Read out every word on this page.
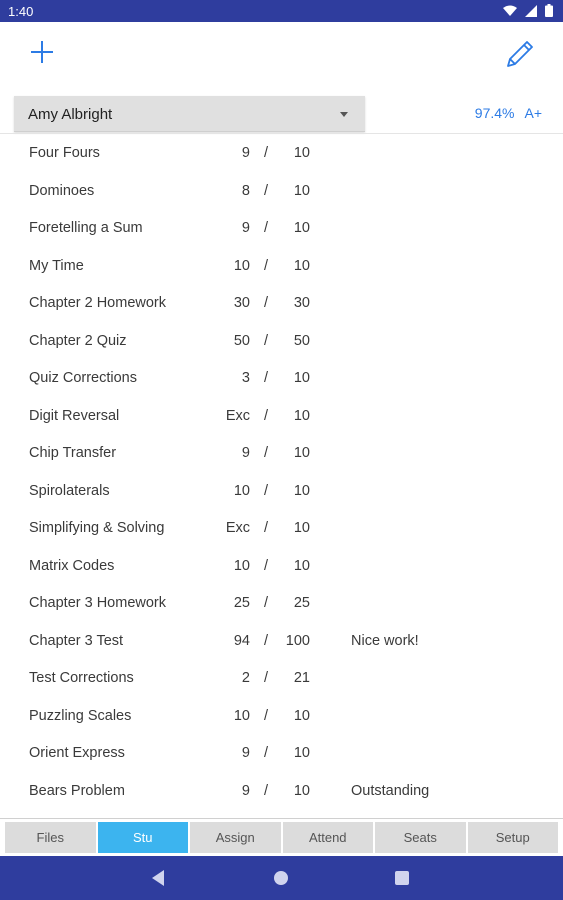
1:40
Amy Albright	97.4% A+
Four Fours	9 / 10
Dominoes	8 / 10
Foretelling a Sum	9 / 10
My Time	10 / 10
Chapter 2 Homework	30 / 30
Chapter 2 Quiz	50 / 50
Quiz Corrections	3 / 10
Digit Reversal	Exc / 10
Chip Transfer	9 / 10
Spirolaterals	10 / 10
Simplifying & Solving	Exc / 10
Matrix Codes	10 / 10
Chapter 3 Homework	25 / 25
Chapter 3 Test	94 / 100	Nice work!
Test Corrections	2 / 21
Puzzling Scales	10 / 10
Orient Express	9 / 10
Bears Problem	9 / 10	Outstanding
Files	Stu	Assign	Attend	Seats	Setup
